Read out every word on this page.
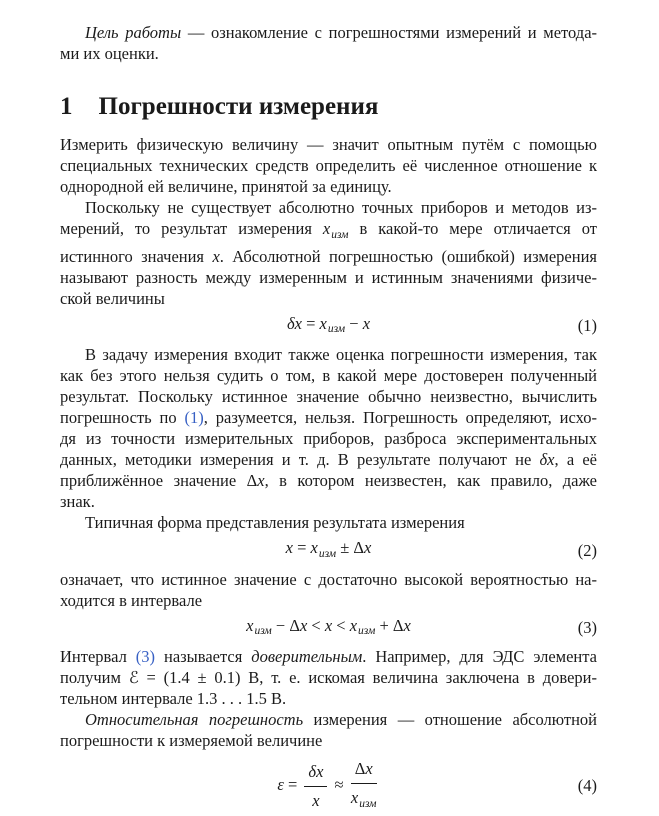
Цель работы — ознакомление с погрешностями измерений и метода-
ми их оценки.
1 Погрешности измерения
Измерить физическую величину — значит опытным путём с помощью
специальных технических средств определить её численное отношение к
однородной ей величине, принятой за единицу.
Поскольку не существует абсолютно точных приборов и методов из-
мерений, то результат измерения $x_{изм}$ в какой-то мере отличается от
истинного значения x. Абсолютной погрешностью (ошибкой) измерения
называют разность между измеренным и истинным значениями физиче-
ской величины
$\delta x = x_{изм} - x$	(1)
В задачу измерения входит также оценка погрешности измерения, так
как без этого нельзя судить о том, в какой мере достоверен полученный
результат. Поскольку истинное значение обычно неизвестно, вычислить
погрешность по (1), разумеется, нельзя. Погрешность определяют, исхо-
дя из точности измерительных приборов, разброса экспериментальных
данных, методики измерения и т. д. В результате получают не δx, а её
приближённое значение Δx, в котором неизвестен, как правило, даже
знак.
Типичная форма представления результата измерения
$x = x_{изм} \pm \Delta x$	(2)
означает, что истинное значение с достаточно высокой вероятностью на-
ходится в интервале
$x_{изм} - \Delta x < x < x_{изм} + \Delta x$	(3)
Интервал (3) называется доверительным. Например, для ЭДС элемента
получим ℰ = (1.4 ± 0.1) В, т. е. искомая величина заключена в довери-
тельном интервале 1.3 . . . 1.5 В.
Относительная погрешность измерения — отношение абсолютной
погрешности к измеряемой величине
$\varepsilon = \frac{\delta x}{x} \approx \frac{\Delta x}{x_{изм}}$	(4)
